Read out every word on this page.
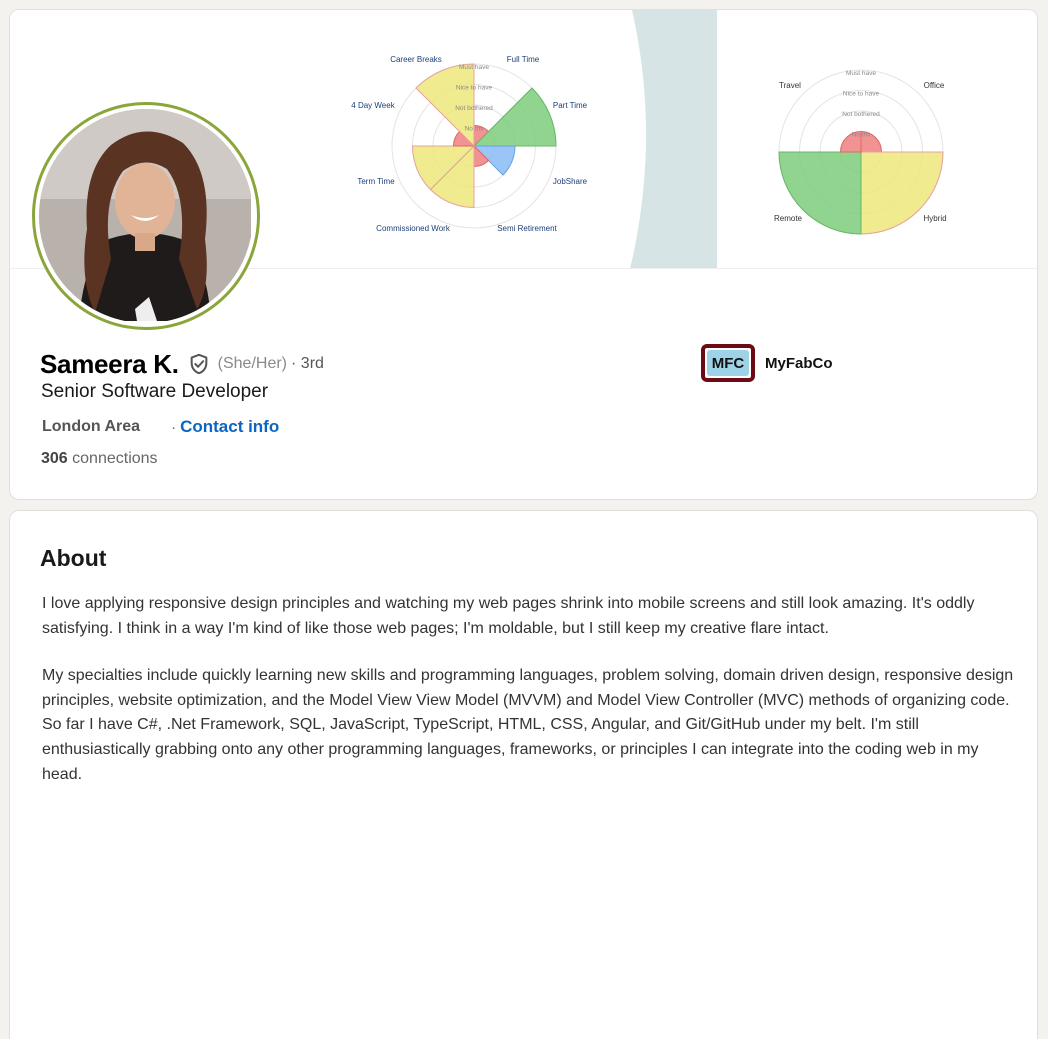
Must have
Nice to have
Not bothered
No thx
Full Time
Part Time
JobShare
Semi Retirement
Commissioned Work
Term Time
4 Day Week
Career Breaks
Must have
Nice to have
Not bothered
No thx
Office
Hybrid
Remote
Travel
Sameera K. (She/Her) · 3rd
Senior Software Developer
London Area · Contact info
306 connections
MFC	MyFabCo
About

I love applying responsive design principles and watching my web pages shrink into mobile screens and still look amazing. It's oddly satisfying. I think in a way I'm kind of like those web pages; I'm moldable, but I still keep my creative flare intact.

My specialties include quickly learning new skills and programming languages, problem solving, domain driven design, responsive design principles, website optimization, and the Model View View Model (MVVM) and Model View Controller (MVC) methods of organizing code. So far I have C#, .Net Framework, SQL, JavaScript, TypeScript, HTML, CSS, Angular, and Git/GitHub under my belt. I'm still enthusiastically grabbing onto any other programming languages, frameworks, or principles I can integrate into the coding web in my head.
